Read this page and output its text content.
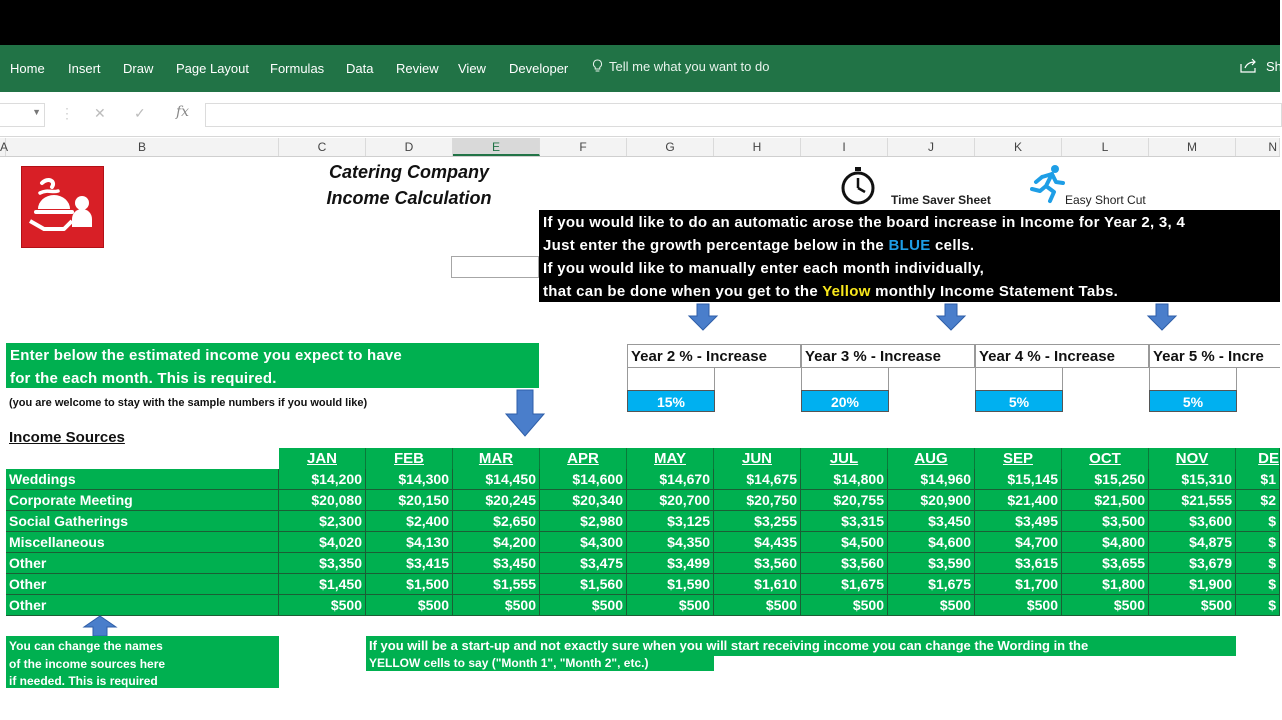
Home Insert Draw Page Layout Formulas Data Review View Developer	Tell me what you want to do	Sh
▼ ⋮ ✕ ✓ fx
A	B	C	D	E	F	G	H	I	J	K	L	M	N
Catering Company
Income Calculation	Time Saver Sheet	Easy Short Cut
If you would like to do an automatic arose the board increase in Income for Year 2, 3, 4
Just enter the growth percentage below in the BLUE cells.
If you would like to manually enter each month individually,
that can be done when you get to the Yellow monthly Income Statement Tabs.
Enter below the estimated income you expect to have
for the each month. This is required.
(you are welcome to stay with the sample numbers if you would like)
Income Sources
Year 2 % - Increase	Year 3 % - Increase	Year 4 % - Increase	Year 5 % - Incre
15%	20%	5%	5%
JAN	FEB	MAR	APR	MAY	JUN	JUL	AUG	SEP	OCT	NOV	DE
Weddings	$14,200	$14,300	$14,450	$14,600	$14,670	$14,675	$14,800	$14,960	$15,145	$15,250	$15,310	$1
Corporate Meeting	$20,080	$20,150	$20,245	$20,340	$20,700	$20,750	$20,755	$20,900	$21,400	$21,500	$21,555	$2
Social Gatherings	$2,300	$2,400	$2,650	$2,980	$3,125	$3,255	$3,315	$3,450	$3,495	$3,500	$3,600	$
Miscellaneous	$4,020	$4,130	$4,200	$4,300	$4,350	$4,435	$4,500	$4,600	$4,700	$4,800	$4,875	$
Other	$3,350	$3,415	$3,450	$3,475	$3,499	$3,560	$3,560	$3,590	$3,615	$3,655	$3,679	$
Other	$1,450	$1,500	$1,555	$1,560	$1,590	$1,610	$1,675	$1,675	$1,700	$1,800	$1,900	$
Other	$500	$500	$500	$500	$500	$500	$500	$500	$500	$500	$500	$
You can change the names
of the income sources here
if needed. This is required
If you will be a start-up and not exactly sure when you will start receiving income you can change the Wording in the
YELLOW cells to say ("Month 1", "Month 2", etc.)
